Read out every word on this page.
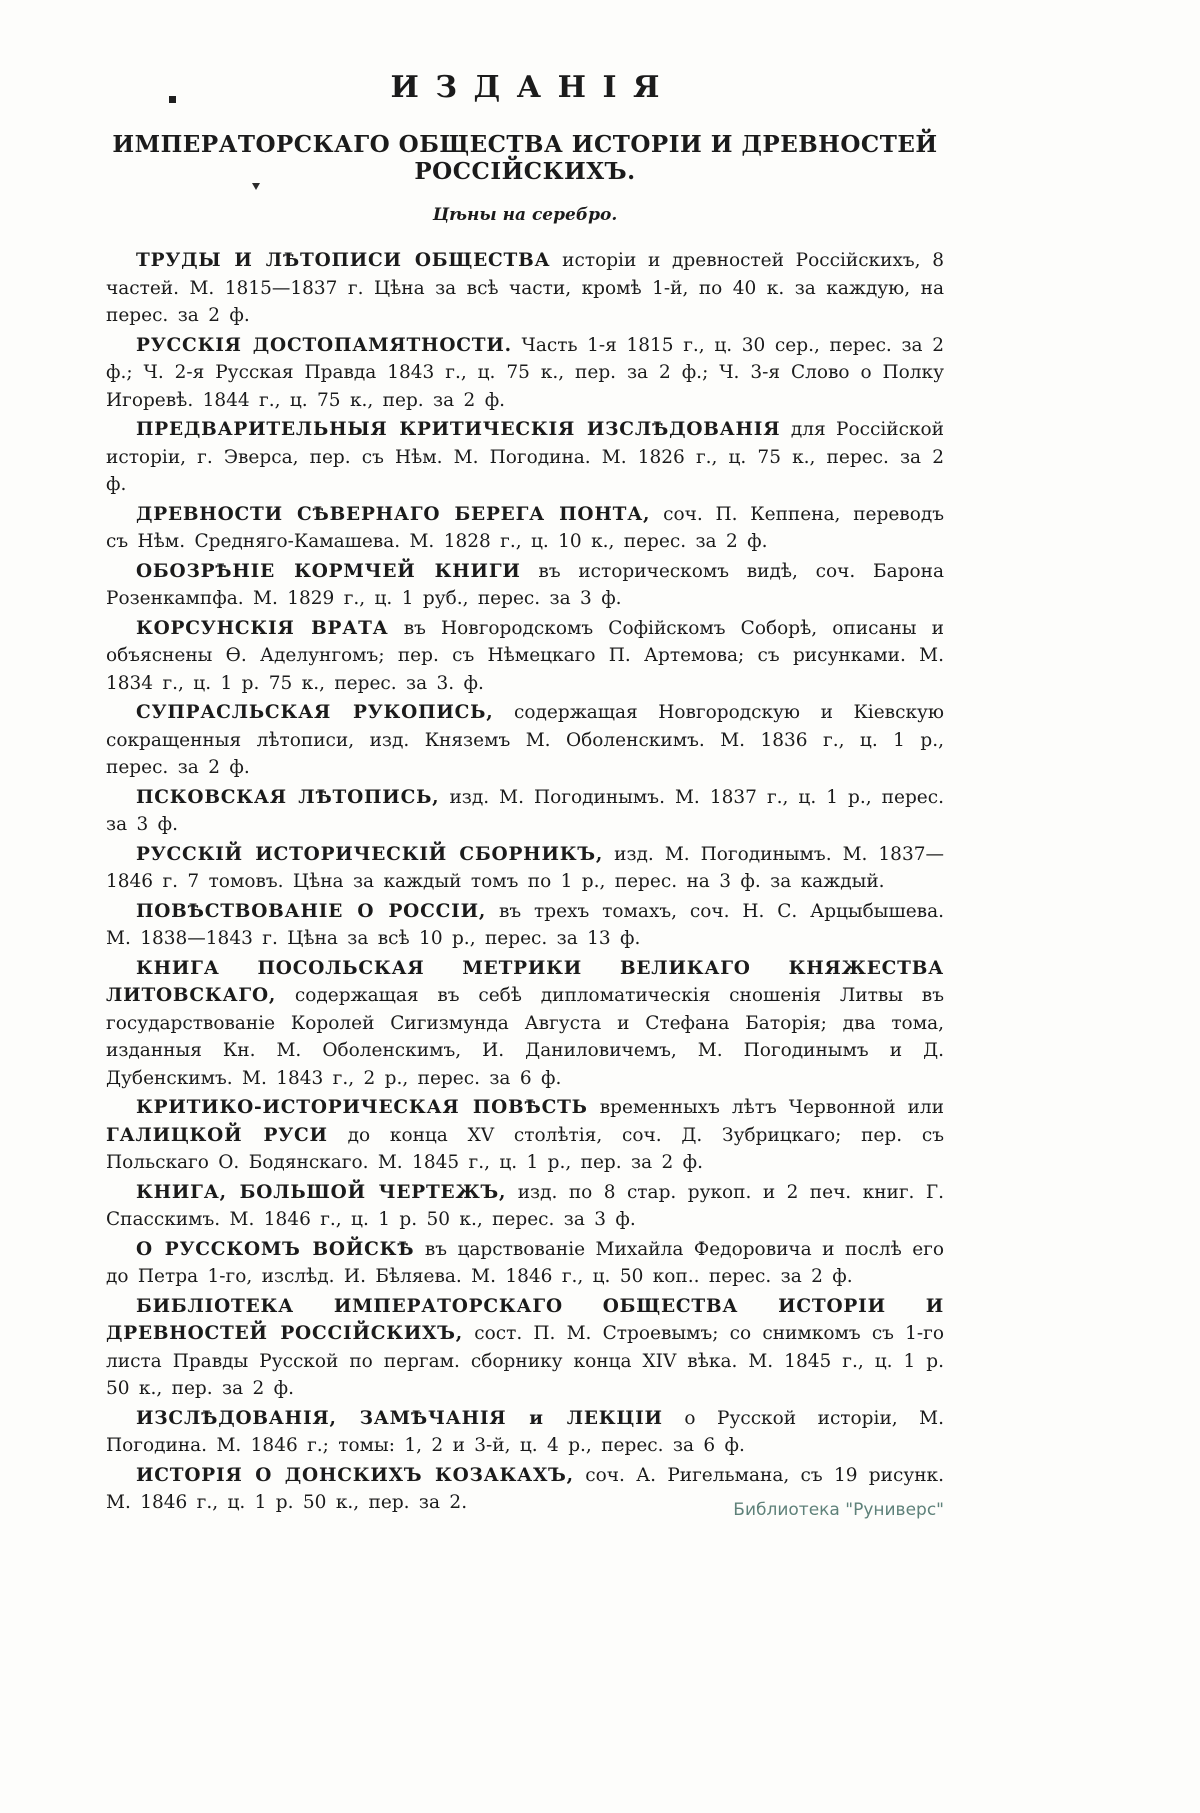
ИЗДАНІЯ
ИМПЕРАТОРСКАГО ОБЩЕСТВА ИСТОРІИ И ДРЕВНОСТЕЙ РОССІЙСКИХЪ.
Цѣны на серебро.

ТРУДЫ И ЛѢТОПИСИ ОБЩЕСТВА исторіи и древностей Россійскихъ, 8 частей. М. 1815—1837 г. Цѣна за всѣ части, кромѣ 1-й, по 40 к. за каждую, на перес. за 2 ф.

РУССКІЯ ДОСТОПАМЯТНОСТИ. Часть 1-я 1815 г., ц. 30 сер., перес. за 2 ф.; Ч. 2-я Русская Правда 1843 г., ц. 75 к., пер. за 2 ф.; Ч. 3-я Слово о Полку Игоревѣ. 1844 г., ц. 75 к., пер. за 2 ф.

ПРЕДВАРИТЕЛЬНЫЯ КРИТИЧЕСКІЯ ИЗСЛѢДОВАНІЯ для Россійской исторіи, г. Эверса, пер. съ Нѣм. М. Погодина. М. 1826 г., ц. 75 к., перес. за 2 ф.

ДРЕВНОСТИ СѢВЕРНАГО БЕРЕГА ПОНТА, соч. П. Кеппена, переводъ съ Нѣм. Средняго-Камашева. М. 1828 г., ц. 10 к., перес. за 2 ф.

ОБОЗРѢНІЕ КОРМЧЕЙ КНИГИ въ историческомъ видѣ, соч. Барона Розенкампфа. М. 1829 г., ц. 1 руб., перес. за 3 ф.

КОРСУНСКІЯ ВРАТА въ Новгородскомъ Софійскомъ Соборѣ, описаны и объяснены Ѳ. Аделунгомъ; пер. съ Нѣмецкаго П. Артемова; съ рисунками. М. 1834 г., ц. 1 р. 75 к., перес. за 3. ф.

СУПРАСЛЬСКАЯ РУКОПИСЬ, содержащая Новгородскую и Кіевскую сокращенныя лѣтописи, изд. Княземъ М. Оболенскимъ. М. 1836 г., ц. 1 р., перес. за 2 ф.

ПСКОВСКАЯ ЛѢТОПИСЬ, изд. М. Погодинымъ. М. 1837 г., ц. 1 р., перес. за 3 ф.

РУССКІЙ ИСТОРИЧЕСКІЙ СБОРНИКЪ, изд. М. Погодинымъ. М. 1837—1846 г. 7 томовъ. Цѣна за каждый томъ по 1 р., перес. на 3 ф. за каждый.

ПОВѢСТВОВАНІЕ О РОССІИ, въ трехъ томахъ, соч. Н. С. Арцыбышева. М. 1838—1843 г. Цѣна за всѣ 10 р., перес. за 13 ф.

КНИГА ПОСОЛЬСКАЯ МЕТРИКИ ВЕЛИКАГО КНЯЖЕСТВА ЛИТОВСКАГО, содержащая въ себѣ дипломатическія сношенія Литвы въ государствованіе Королей Сигизмунда Августа и Стефана Баторія; два тома, изданныя Кн. М. Оболенскимъ, И. Даниловичемъ, М. Погодинымъ и Д. Дубенскимъ. М. 1843 г., 2 р., перес. за 6 ф.

КРИТИКО-ИСТОРИЧЕСКАЯ ПОВѢСТЬ временныхъ лѣтъ Червонной или ГАЛИЦКОЙ РУСИ до конца XV столѣтія, соч. Д. Зубрицкаго; пер. съ Польскаго О. Бодянскаго. М. 1845 г., ц. 1 р., пер. за 2 ф.

КНИГА, БОЛЬШОЙ ЧЕРТЕЖЪ, изд. по 8 стар. рукоп. и 2 печ. книг. Г. Спасскимъ. М. 1846 г., ц. 1 р. 50 к., перес. за 3 ф.

О РУССКОМЪ ВОЙСКѢ въ царствованіе Михайла Федоровича и послѣ его до Петра 1-го, изслѣд. И. Бѣляева. М. 1846 г., ц. 50 коп.. перес. за 2 ф.

БИБЛІОТЕКА ИМПЕРАТОРСКАГО ОБЩЕСТВА ИСТОРІИ И ДРЕВНОСТЕЙ РОССІЙСКИХЪ, сост. П. М. Строевымъ; со снимкомъ съ 1-го листа Правды Русской по пергам. сборнику конца XIV вѣка. М. 1845 г., ц. 1 р. 50 к., пер. за 2 ф.

ИЗСЛѢДОВАНІЯ, ЗАМѢЧАНІЯ и ЛЕКЦІИ о Русской исторіи, М. Погодина. М. 1846 г.; томы: 1, 2 и 3-й, ц. 4 р., перес. за 6 ф.

ИСТОРІЯ О ДОНСКИХЪ КОЗАКАХЪ, соч. А. Ригельмана, съ 19 рисунк. М. 1846 г., ц. 1 р. 50 к., пер. за 2.	Библиотека "Руниверс"
